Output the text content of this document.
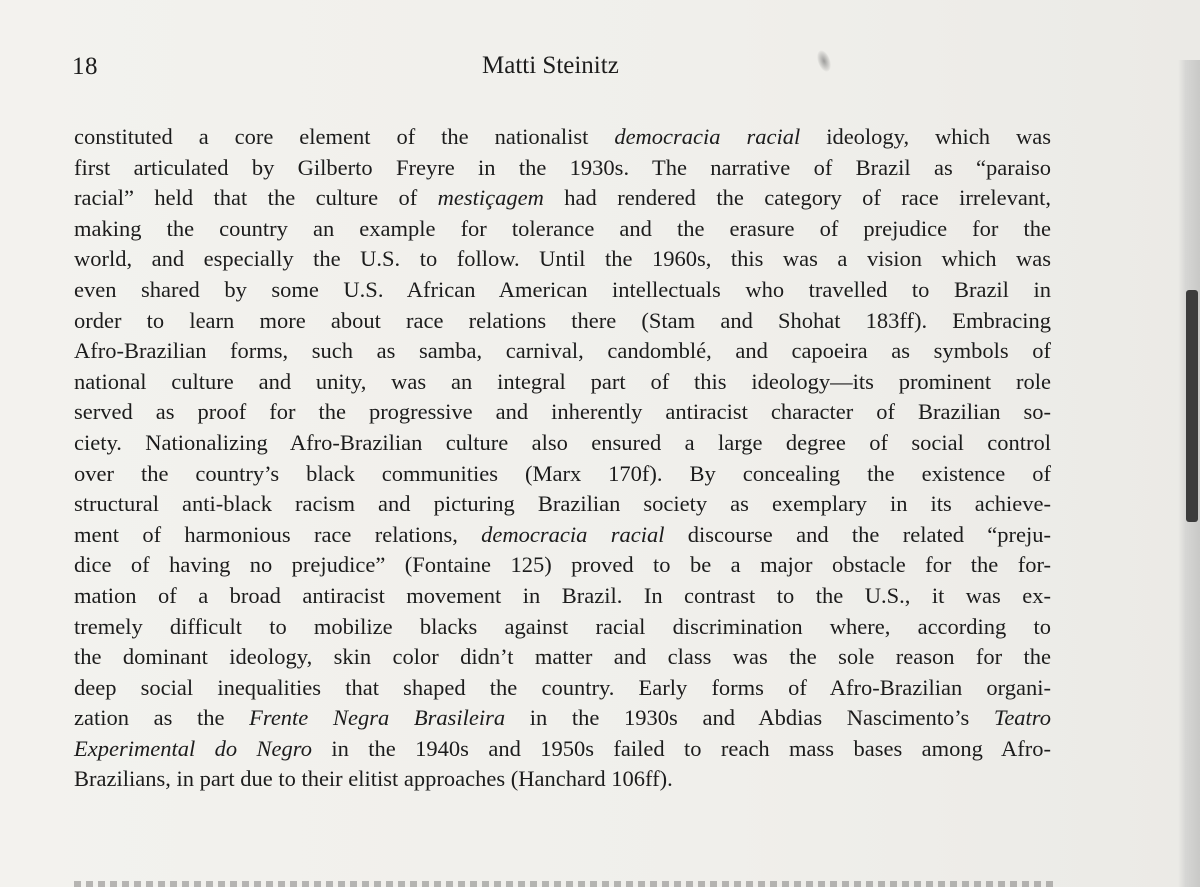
18	Matti Steinitz
constituted a core element of the nationalist democracia racial ideology, which was
first articulated by Gilberto Freyre in the 1930s. The narrative of Brazil as “paraiso
racial” held that the culture of mestiçagem had rendered the category of race irrelevant,
making the country an example for tolerance and the erasure of prejudice for the
world, and especially the U.S. to follow. Until the 1960s, this was a vision which was
even shared by some U.S. African American intellectuals who travelled to Brazil in
order to learn more about race relations there (Stam and Shohat 183ff). Embracing
Afro-Brazilian forms, such as samba, carnival, candomblé, and capoeira as symbols of
national culture and unity, was an integral part of this ideology—its prominent role
served as proof for the progressive and inherently antiracist character of Brazilian so-
ciety. Nationalizing Afro-Brazilian culture also ensured a large degree of social control
over the country’s black communities (Marx 170f). By concealing the existence of
structural anti-black racism and picturing Brazilian society as exemplary in its achieve-
ment of harmonious race relations, democracia racial discourse and the related “preju-
dice of having no prejudice” (Fontaine 125) proved to be a major obstacle for the for-
mation of a broad antiracist movement in Brazil. In contrast to the U.S., it was ex-
tremely difficult to mobilize blacks against racial discrimination where, according to
the dominant ideology, skin color didn’t matter and class was the sole reason for the
deep social inequalities that shaped the country. Early forms of Afro-Brazilian organi-
zation as the Frente Negra Brasileira in the 1930s and Abdias Nascimento’s Teatro
Experimental do Negro in the 1940s and 1950s failed to reach mass bases among Afro-
Brazilians, in part due to their elitist approaches (Hanchard 106ff).
